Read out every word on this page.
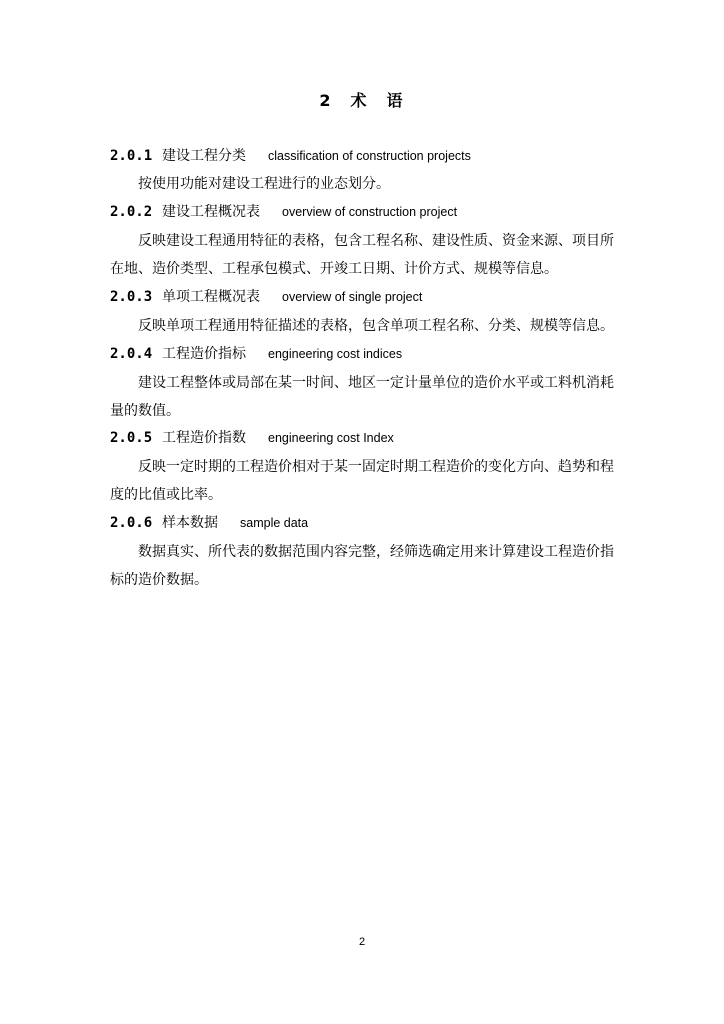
2　术　语
2.0.1 建设工程分类 classification of construction projects
按使用功能对建设工程进行的业态划分。
2.0.2 建设工程概况表 overview of construction project
反映建设工程通用特征的表格，包含工程名称、建设性质、资金来源、项目所在地、造价类型、工程承包模式、开竣工日期、计价方式、规模等信息。
2.0.3 单项工程概况表 overview of single project
反映单项工程通用特征描述的表格，包含单项工程名称、分类、规模等信息。
2.0.4 工程造价指标 engineering cost indices
建设工程整体或局部在某一时间、地区一定计量单位的造价水平或工料机消耗量的数值。
2.0.5 工程造价指数 engineering cost Index
反映一定时期的工程造价相对于某一固定时期工程造价的变化方向、趋势和程度的比值或比率。
2.0.6 样本数据 sample data
数据真实、所代表的数据范围内容完整，经筛选确定用来计算建设工程造价指标的造价数据。
2
